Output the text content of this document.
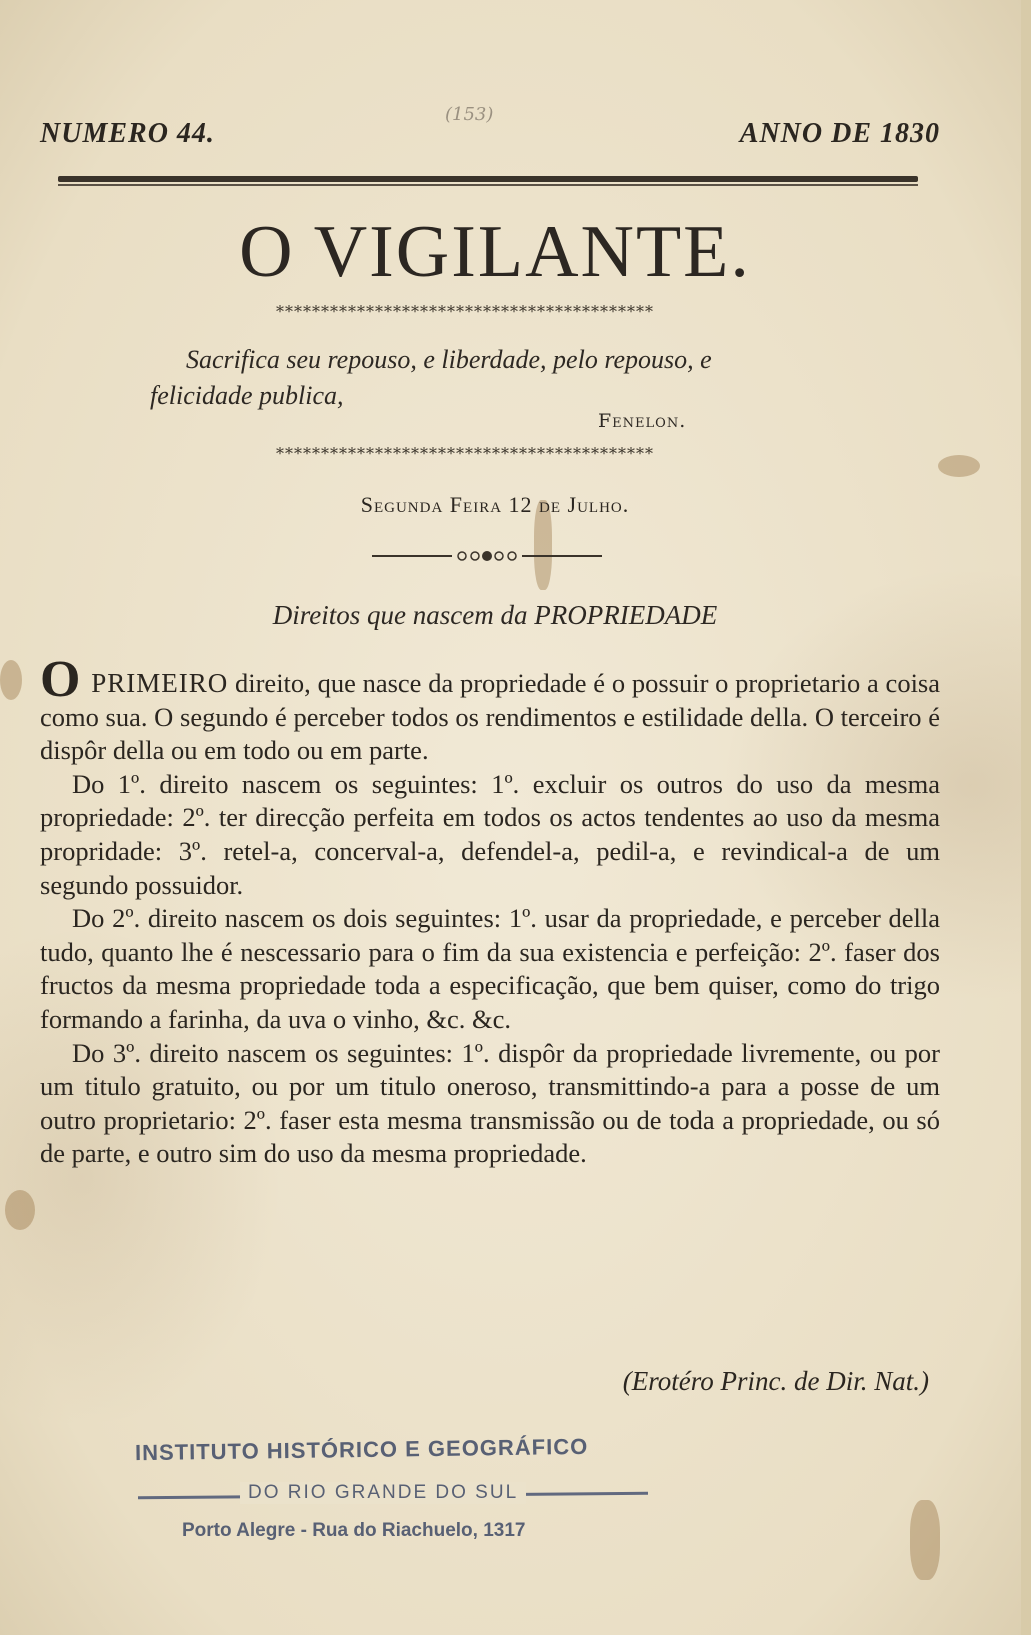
(153)
NUMERO 44.	ANNO DE 1830
O VIGILANTE.
******************************************
Sacrifica seu repouso, e liberdade, pelo repouso, e felicidade publica,
Fenelon.
******************************************
Segunda Feira 12 de Julho.
Direitos que nascem da PROPRIEDADE

O PRIMEIRO direito, que nasce da propriedade é o possuir o proprietario a coisa como sua. O segundo é perceber todos os rendimentos e estilidade della. O terceiro é dispôr della ou em todo ou em parte.

Do 1º. direito nascem os seguintes: 1º. excluir os outros do uso da mesma propriedade: 2º. ter direcção perfeita em todos os actos tendentes ao uso da mesma propridade: 3º. retel-a, concerval-a, defendel-a, pedil-a, e revindical-a de um segundo possuidor.

Do 2º. direito nascem os dois seguintes: 1º. usar da propriedade, e perceber della tudo, quanto lhe é nescessario para o fim da sua existencia e perfeição: 2º. faser dos fructos da mesma propriedade toda a especificação, que bem quiser, como do trigo formando a farinha, da uva o vinho, &c. &c.

Do 3º. direito nascem os seguintes: 1º. dispôr da propriedade livremente, ou por um titulo gratuito, ou por um titulo oneroso, transmittindo-a para a posse de um outro proprietario: 2º. faser esta mesma transmissão ou de toda a propriedade, ou só de parte, e outro sim do uso da mesma propriedade.

(Erotéro Princ. de Dir. Nat.)
INSTITUTO HISTÓRICO E GEOGRÁFICO
DO RIO GRANDE DO SUL
Porto Alegre - Rua do Riachuelo, 1317
